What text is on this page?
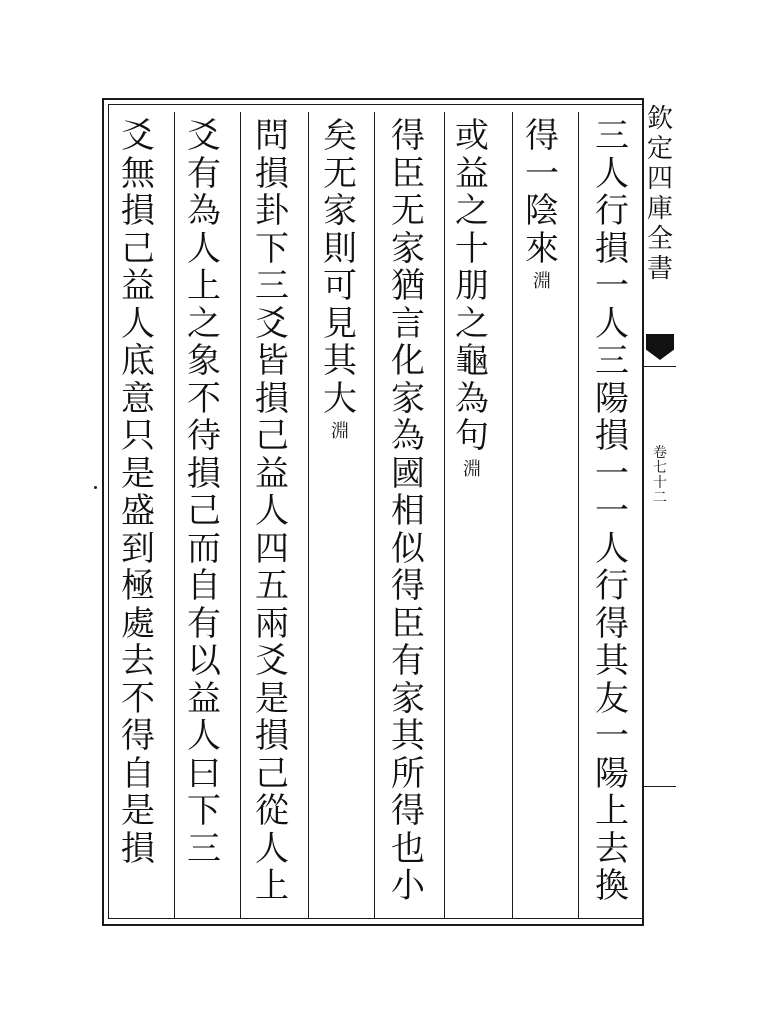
三
人
行
損
一
人
三
陽
損
一
一
人
行
得
其
友
一
陽
上
去
換
得
一
陰
來
淵
或
益
之
十
朋
之
龜
為
句
淵
得
臣
无
家
猶
言
化
家
為
國
相
似
得
臣
有
家
其
所
得
也
小
矣
无
家
則
可
見
其
大
淵
問
損
卦
下
三
爻
皆
損
己
益
人
四
五
兩
爻
是
損
己
從
人
上
爻
有
為
人
上
之
象
不
待
損
己
而
自
有
以
益
人
曰
下
三
爻
無
損
己
益
人
底
意
只
是
盛
到
極
處
去
不
得
自
是
損
欽
定
四
庫
全
書
卷
七
十
二
